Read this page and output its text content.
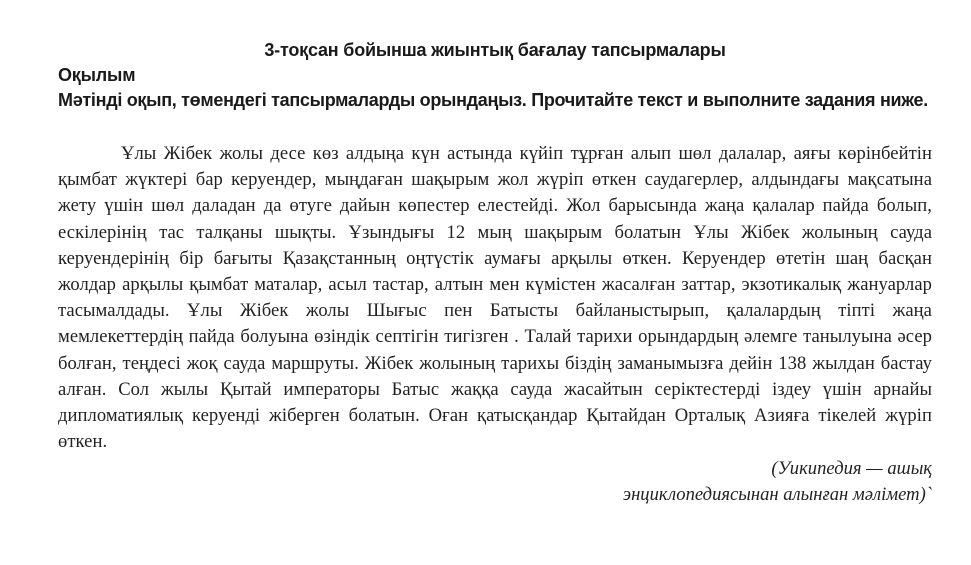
3-тоқсан бойынша жиынтық бағалау тапсырмалары

Оқылым

Мәтінді оқып, төмендегі тапсырмаларды орындаңыз. Прочитайте текст и выполните задания ниже.

Ұлы Жібек жолы десе көз алдыңа күн астында күйіп тұрған алып шөл далалар, аяғы көрінбейтін қымбат жүктері бар керуендер, мыңдаған шақырым жол жүріп өткен саудагерлер, алдындағы мақсатына жету үшін шөл даладан да өтуге дайын көпестер елестейді. Жол барысында жаңа қалалар пайда болып, ескілерінің тас талқаны шықты. Ұзындығы 12 мың шақырым болатын Ұлы Жібек жолының сауда керуендерінің бір бағыты Қазақстанның оңтүстік аумағы арқылы өткен. Керуендер өтетін шаң басқан жолдар арқылы қымбат маталар, асыл тастар, алтын мен күмістен жасалған заттар, экзотикалық жануарлар тасымалдады. Ұлы Жібек жолы Шығыс пен Батысты байланыстырып, қалалардың тіпті жаңа мемлекеттердің пайда болуына өзіндік септігін тигізген . Талай тарихи орындардың әлемге танылуына әсер болған, теңдесі жоқ сауда маршруты. Жібек жолының тарихы біздің заманымызға дейін 138 жылдан бастау алған. Сол жылы Қытай императоры Батыс жаққа сауда жасайтын серіктестерді іздеу үшін арнайы дипломатиялық керуенді жіберген болатын. Оған қатысқандар Қытайдан Орталық Азияға тікелей жүріп өткен.

(Уикипедия — ашық
энциклопедиясынан алынған мәлімет)`
